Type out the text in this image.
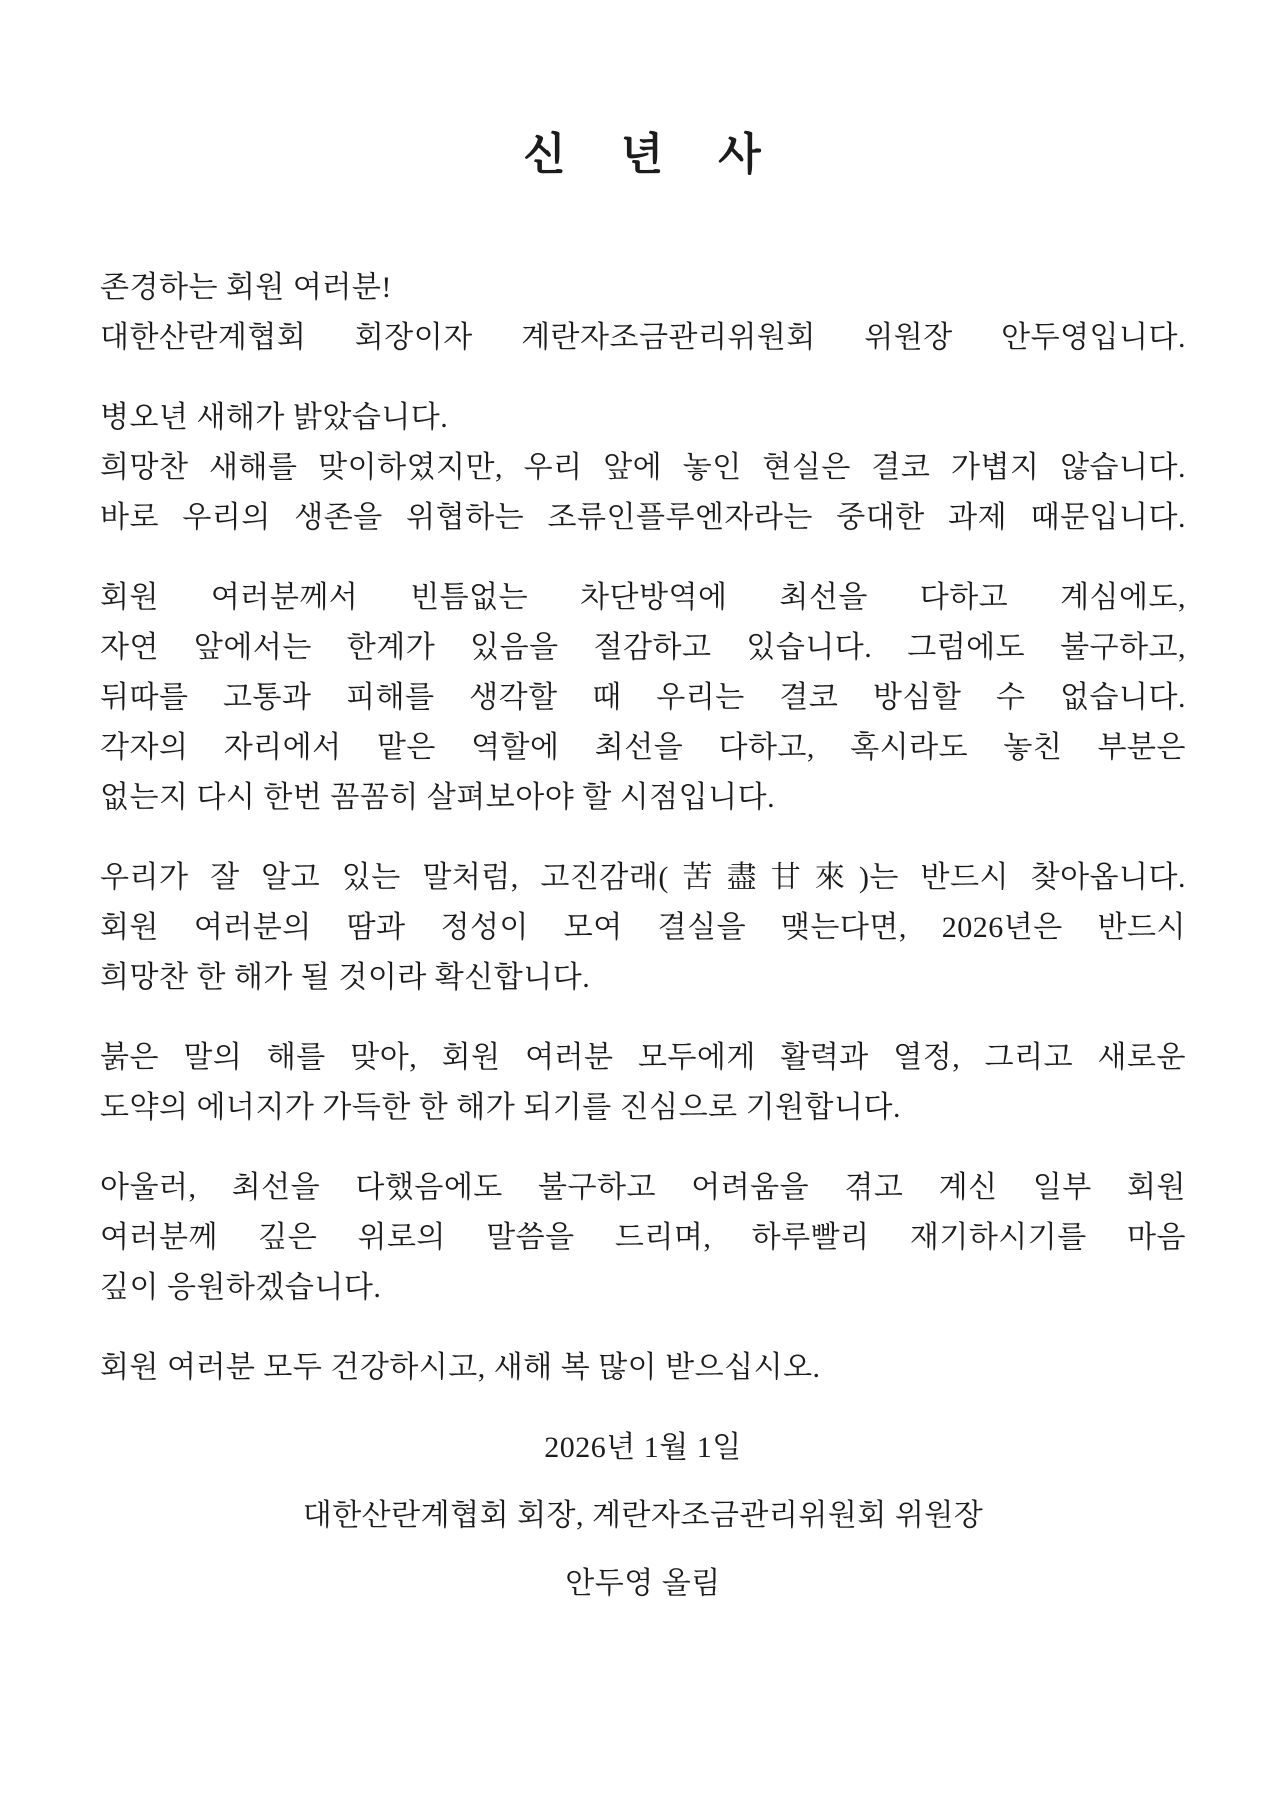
신 년 사
존경하는 회원 여러분!
대한산란계협회 회장이자 계란자조금관리위원회 위원장 안두영입니다.
병오년 새해가 밝았습니다.
희망찬 새해를 맞이하였지만, 우리 앞에 놓인 현실은 결코 가볍지 않습니다.
바로 우리의 생존을 위협하는 조류인플루엔자라는 중대한 과제 때문입니다.
회원 여러분께서 빈틈없는 차단방역에 최선을 다하고 계심에도,
자연 앞에서는 한계가 있음을 절감하고 있습니다. 그럼에도 불구하고,
뒤따를 고통과 피해를 생각할 때 우리는 결코 방심할 수 없습니다.
각자의 자리에서 맡은 역할에 최선을 다하고, 혹시라도 놓친 부분은
없는지 다시 한번 꼼꼼히 살펴보아야 할 시점입니다.
우리가 잘 알고 있는 말처럼, 고진감래(苦盡甘來)는 반드시 찾아옵니다.
회원 여러분의 땀과 정성이 모여 결실을 맺는다면, 2026년은 반드시
희망찬 한 해가 될 것이라 확신합니다.
붉은 말의 해를 맞아, 회원 여러분 모두에게 활력과 열정, 그리고 새로운
도약의 에너지가 가득한 한 해가 되기를 진심으로 기원합니다.
아울러, 최선을 다했음에도 불구하고 어려움을 겪고 계신 일부 회원
여러분께 깊은 위로의 말씀을 드리며, 하루빨리 재기하시기를 마음
깊이 응원하겠습니다.
회원 여러분 모두 건강하시고, 새해 복 많이 받으십시오.
2026년 1월 1일
대한산란계협회 회장, 계란자조금관리위원회 위원장
안두영 올림
